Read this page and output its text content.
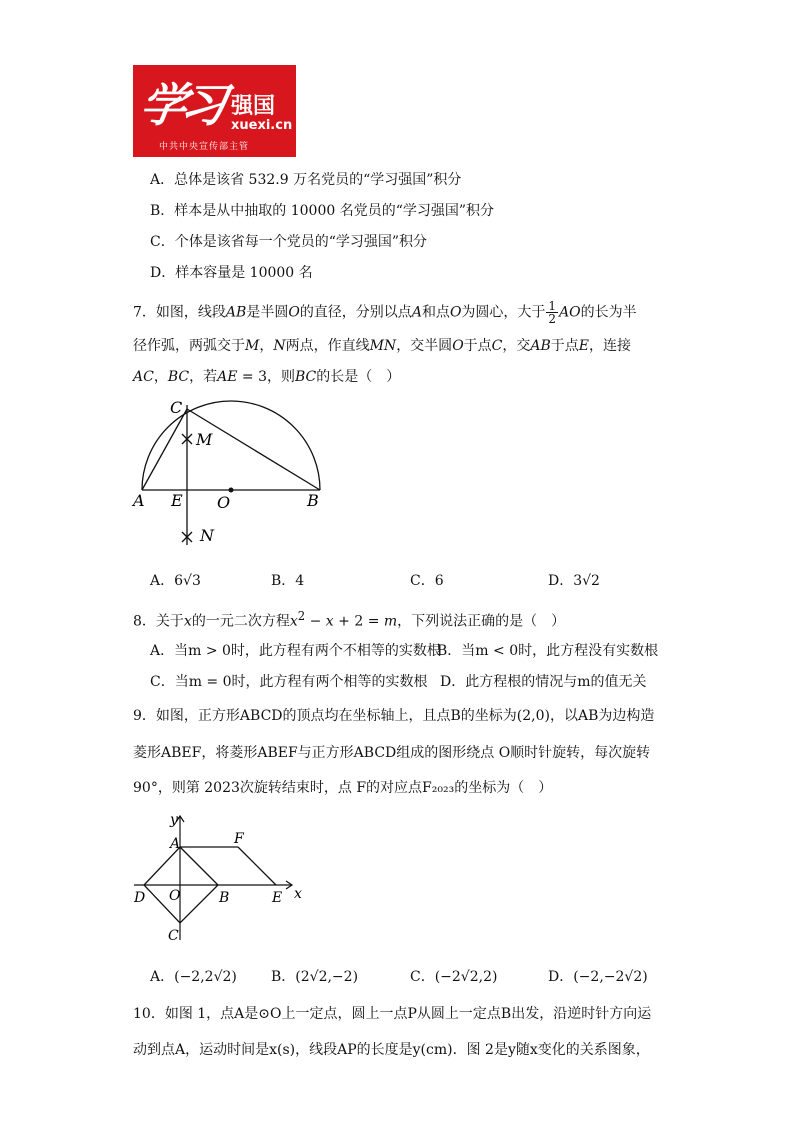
学习 强国
xuexi.cn
中共中央宣传部主管
A．总体是该省 532.9 万名党员的“学习强国”积分
B．样本是从中抽取的 10000 名党员的“学习强国”积分
C．个体是该省每一个党员的“学习强国”积分
D．样本容量是 10000 名
7．如图，线段AB是半圆O的直径，分别以点A和点O为圆心，大于 $\frac{1}{2}$ AO的长为半
径作弧，两弧交于M，N两点，作直线MN，交半圆O于点C，交AB于点E，连接
AC，BC，若AE = 3，则BC的长是（　）
C
M
A E O	B
N
A．6√3	B．4	C．6	D．3√2
8．关于x的一元二次方程$x^2 - x + 2 = m$，下列说法正确的是（　）
A．当m > 0时，此方程有两个不相等的实数根
B．当m < 0时，此方程没有实数根
C．当m = 0时，此方程有两个相等的实数根 D．此方程根的情况与m的值无关
9．如图，正方形ABCD的顶点均在坐标轴上，且点B的坐标为(2,0)，以AB为边构造
菱形ABEF，将菱形ABEF与正方形ABCD组成的图形绕点 O顺时针旋转，每次旋转
90°，则第 2023次旋转结束时，点 F的对应点F₂₀₂₃的坐标为（　）
y
x
A	F
D O	B	E
C
A．(−2,2√2) B．(2√2,−2)	C．(−2√2,2)	D．(−2,−2√2)
10．如图 1，点A是⊙O上一定点，圆上一点P从圆上一定点B出发，沿逆时针方向运
动到点A，运动时间是x(s)，线段AP的长度是y(cm)．图 2是y随x变化的关系图象，
